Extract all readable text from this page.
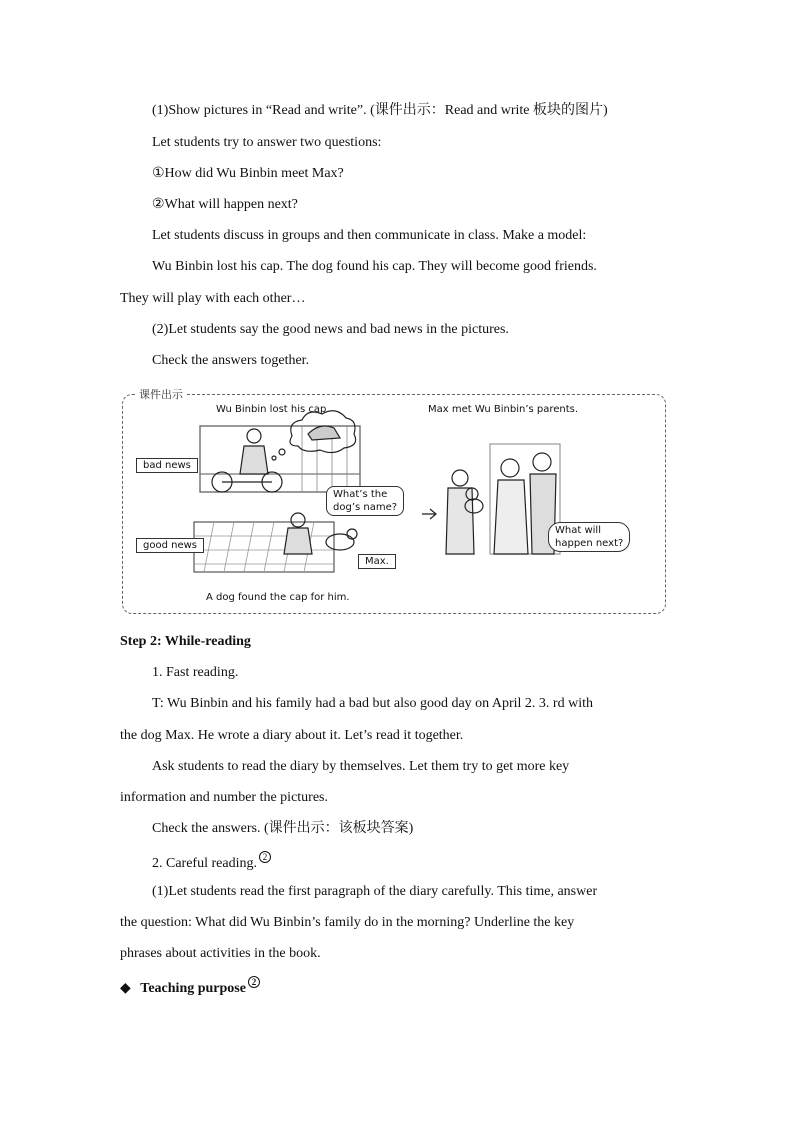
(1)Show pictures in “Read and write”. (课件出示：Read and write 板块的图片)
Let students try to answer two questions:
①How did Wu Binbin meet Max?
②What will happen next?
Let students discuss in groups and then communicate in class. Make a model:
Wu Binbin lost his cap. The dog found his cap. They will become good friends.
They will play with each other…
(2)Let students say the good news and bad news in the pictures.
Check the answers together.
课件出示
Wu Binbin lost his cap.	Max met Wu Binbin’s parents.
A dog found the cap for him.
bad news
good news
What’s the
dog’s name?
Max.
What will
happen next?
Step 2: While-reading
1. Fast reading.
T: Wu Binbin and his family had a bad but also good day on April 2. 3. rd with
the dog Max. He wrote a diary about it. Let’s read it together.
Ask students to read the diary by themselves. Let them try to get more key
information and number the pictures.
Check the answers. (课件出示：该板块答案)
2. Careful reading. $^2$
(1)Let students read the first paragraph of the diary carefully. This time, answer
the question: What did Wu Binbin’s family do in the morning? Underline the key
phrases about activities in the book.
◆ Teaching purpose $^2$
